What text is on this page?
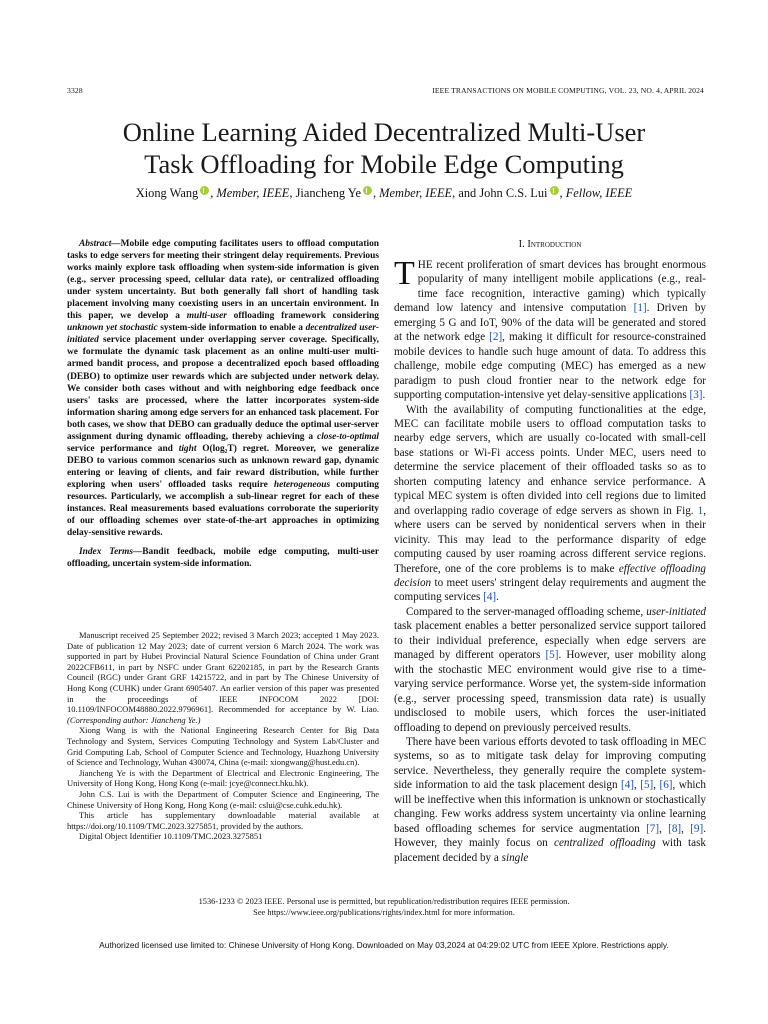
3328	IEEE TRANSACTIONS ON MOBILE COMPUTING, VOL. 23, NO. 4, APRIL 2024
Online Learning Aided Decentralized Multi-User
Task Offloading for Mobile Edge Computing
Xiong Wang , Member, IEEE, Jiancheng Ye , Member, IEEE, and John C.S. Lui , Fellow, IEEE

Abstract—Mobile edge computing facilitates users to offload computation tasks to edge servers for meeting their stringent delay requirements. Previous works mainly explore task offloading when system-side information is given (e.g., server processing speed, cellular data rate), or centralized offloading under system uncertainty. But both generally fall short of handling task placement involving many coexisting users in an uncertain environment. In this paper, we develop a multi-user offloading framework considering unknown yet stochastic system-side information to enable a decentralized user-initiated service placement under overlapping server coverage. Specifically, we formulate the dynamic task placement as an online multi-user multi-armed bandit process, and propose a decentralized epoch based offloading (DEBO) to optimize user rewards which are subjected under network delay. We consider both cases without and with neighboring edge feedback once users' tasks are processed, where the latter incorporates system-side information sharing among edge servers for an enhanced task placement. For both cases, we show that DEBO can gradually deduce the optimal user-server assignment during dynamic offloading, thereby achieving a close-to-optimal service performance and tight O(log₂T) regret. Moreover, we generalize DEBO to various common scenarios such as unknown reward gap, dynamic entering or leaving of clients, and fair reward distribution, while further exploring when users' offloaded tasks require heterogeneous computing resources. Particularly, we accomplish a sub-linear regret for each of these instances. Real measurements based evaluations corroborate the superiority of our offloading schemes over state-of-the-art approaches in optimizing delay-sensitive rewards.

Index Terms—Bandit feedback, mobile edge computing, multi-user offloading, uncertain system-side information.

Manuscript received 25 September 2022; revised 3 March 2023; accepted 1 May 2023. Date of publication 12 May 2023; date of current version 6 March 2024. The work was supported in part by Hubei Provincial Natural Science Foundation of China under Grant 2022CFB611, in part by NSFC under Grant 62202185, in part by the Research Grants Council (RGC) under Grant GRF 14215722, and in part by The Chinese University of Hong Kong (CUHK) under Grant 6905407. An earlier version of this paper was presented in the proceedings of IEEE INFOCOM 2022 [DOI: 10.1109/INFOCOM48880.2022.9796961]. Recommended for acceptance by W. Liao. (Corresponding author: Jiancheng Ye.)

Xiong Wang is with the National Engineering Research Center for Big Data Technology and System, Services Computing Technology and System Lab/Cluster and Grid Computing Lab, School of Computer Science and Technology, Huazhong University of Science and Technology, Wuhan 430074, China (e-mail: xiongwang@hust.edu.cn).

Jiancheng Ye is with the Department of Electrical and Electronic Engineering, The University of Hong Kong, Hong Kong (e-mail: jcye@connect.hku.hk).

John C.S. Lui is with the Department of Computer Science and Engineering, The Chinese University of Hong Kong, Hong Kong (e-mail: cslui@cse.cuhk.edu.hk).

This article has supplementary downloadable material available at https://doi.org/10.1109/TMC.2023.3275851, provided by the authors.

Digital Object Identifier 10.1109/TMC.2023.3275851

I. Introduction

THE recent proliferation of smart devices has brought enormous popularity of many intelligent mobile applications (e.g., real-time face recognition, interactive gaming) which typically demand low latency and intensive computation [1]. Driven by emerging 5 G and IoT, 90% of the data will be generated and stored at the network edge [2], making it difficult for resource-constrained mobile devices to handle such huge amount of data. To address this challenge, mobile edge computing (MEC) has emerged as a new paradigm to push cloud frontier near to the network edge for supporting computation-intensive yet delay-sensitive applications [3].

With the availability of computing functionalities at the edge, MEC can facilitate mobile users to offload computation tasks to nearby edge servers, which are usually co-located with small-cell base stations or Wi-Fi access points. Under MEC, users need to determine the service placement of their offloaded tasks so as to shorten computing latency and enhance service performance. A typical MEC system is often divided into cell regions due to limited and overlapping radio coverage of edge servers as shown in Fig. 1, where users can be served by nonidentical servers when in their vicinity. This may lead to the performance disparity of edge computing caused by user roaming across different service regions. Therefore, one of the core problems is to make effective offloading decision to meet users' stringent delay requirements and augment the computing services [4].

Compared to the server-managed offloading scheme, user-initiated task placement enables a better personalized service support tailored to their individual preference, especially when edge servers are managed by different operators [5]. However, user mobility along with the stochastic MEC environment would give rise to a time-varying service performance. Worse yet, the system-side information (e.g., server processing speed, transmission data rate) is usually undisclosed to mobile users, which forces the user-initiated offloading to depend on previously perceived results.

There have been various efforts devoted to task offloading in MEC systems, so as to mitigate task delay for improving computing service. Nevertheless, they generally require the complete system-side information to aid the task placement design [4], [5], [6], which will be ineffective when this information is unknown or stochastically changing. Few works address system uncertainty via online learning based offloading schemes for service augmentation [7], [8], [9]. However, they mainly focus on centralized offloading with task placement decided by a single

1536-1233 © 2023 IEEE. Personal use is permitted, but republication/redistribution requires IEEE permission.
See https://www.ieee.org/publications/rights/index.html for more information.
Authorized licensed use limited to: Chinese University of Hong Kong. Downloaded on May 03,2024 at 04:29:02 UTC from IEEE Xplore. Restrictions apply.
